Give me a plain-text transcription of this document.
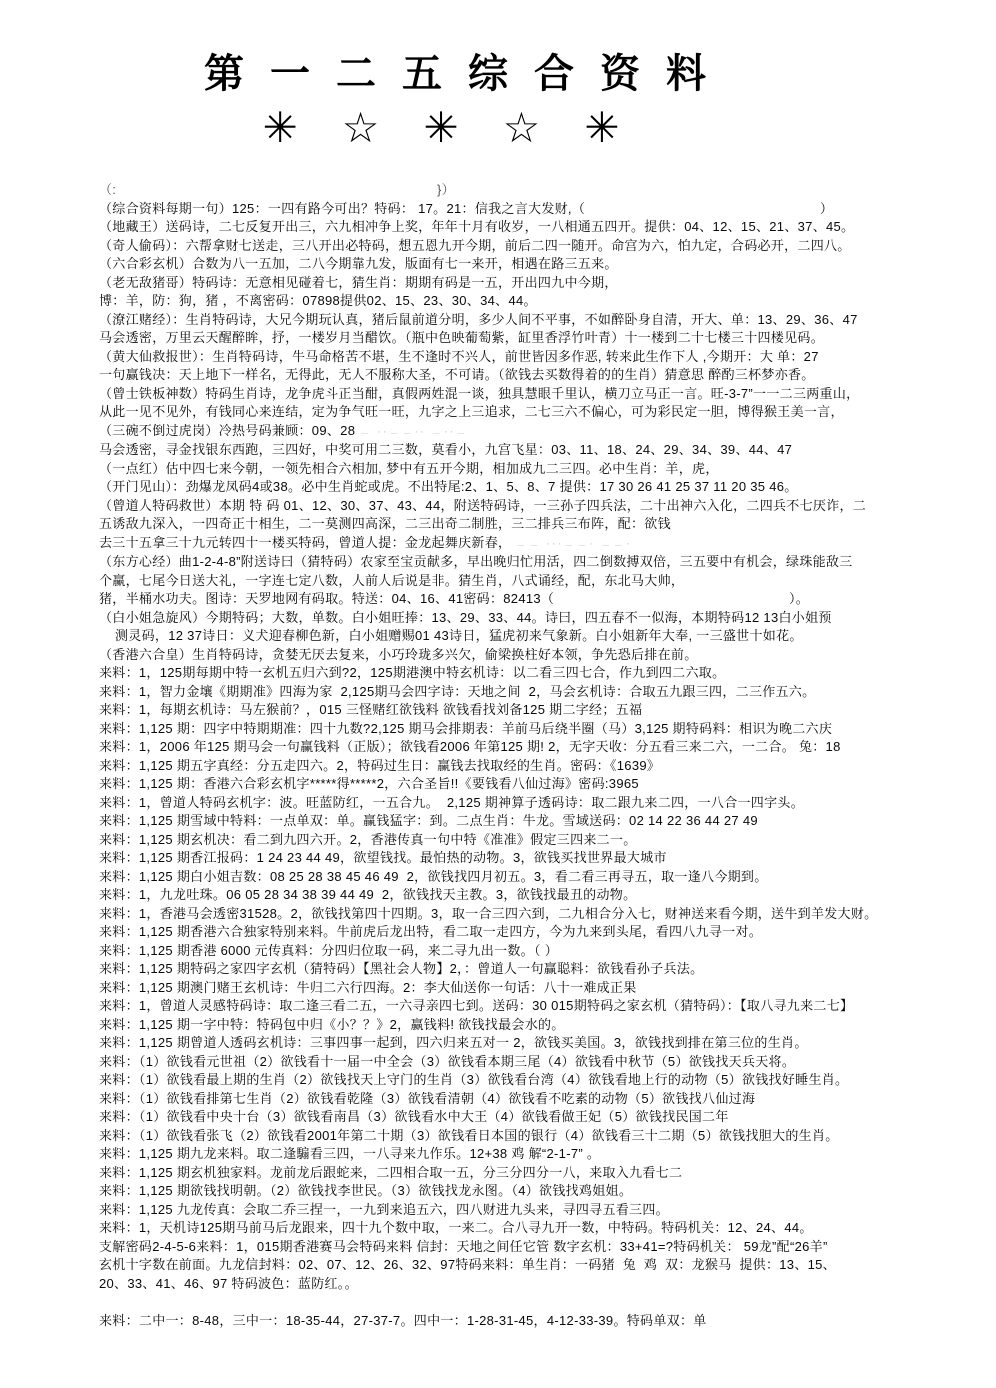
第一二五综合资料
✳☆✳☆✳
（:                                                                                  }）
（综合资料每期一句）125：一四有路今可出？特码： 17。21：信我之言大发财,（                                                            ）
（地藏王）送码诗，二七反复开出三，六九相冲争上奖，年年十月有收岁，一八相通五四开。提供：04、12、15、21、37、45。
（奇人偷码）：六帮拿财七送走，三八开出必特码，想五恩九开今期，前后二四一随开。命宫为六，怕九定，合码必开，二四八。
（六合彩玄机）合数为八一五加，二八今期靠九发，版面有七一来开，相遇在路三五来。
（老无敌猪哥）特码诗：无意相见碰着七，猜生肖：期期有码是一五，开出四九中今期，
博：羊，防：狗，猪 ，不离密码：07898提供02、15、23、30、34、44。
（潦江赌经）：生肖特码诗，大兄今期玩认真，猪后鼠前道分明，多少人间不平事，不如醉卧身自清，开大、单：13、29、36、47
马会透密，万里云天醒醉眸，抒，一楼岁月当醋饮。（瓶中色映葡萄紫，缸里香浮竹叶青）十一楼到二十七楼三十四楼见码。
（黄大仙救报世）：生肖特码诗，牛马命格苦不堪，生不逢时不兴人，前世皆因多作恶, 转来此生作下人 ,今期开：大 单：27
一句赢钱决：天上地下一样名，无得此，无人不服称大圣，不可请。（欲钱去买数得着的的生肖）猜意思 醉酌三杯梦亦香。
（曾士铁板神数）特码生肖诗，龙争虎斗正当酣，真假两姓混一谈，独具慧眼千里认，横刀立马正一言。旺-3-7”一一二三两重山，
从此一见不见外，有钱同心来连结，定为争气旺一旺，九字之上三追求，二七三六不偏心，可为彩民定一胆，博得猴王美一言，
（三碗不倒过虎岗）冷热号码兼顾：09、28 ﹘ ··﹘﹘·· ﹘··﹘
马会透密，寻金找银东西跑，三四好，中奖可用二三数，莫看小，九宫飞星：03、11、18、24、29、34、39、44、47
（一点红）估中四七来今朝，一领先相合六相加, 梦中有五开今期，相加成九二三四。必中生肖：羊，虎，
（开门见山）：劲爆龙凤码4或38。必中生肖蛇或虎。不出特尾:2、1、5、8、7 提供：17 30 26 41 25 37 11 20 35 46。
（曾道人特码救世）本期 特 码 01、12、30、37、43、44，附送特码诗，一三孙子四兵法，二十出神六入化，二四兵不七厌诈，二
五诱敌九深入，一四奇正十相生，二一莫测四高深，二三出奇二制胜，三二排兵三布阵，配：欲钱
去三十五拿三十九元转四十一楼买特码，曾道人提：金龙起舞庆新春， ﹘﹘ ···﹘﹘· ﹘﹘·
（东方心经）曲1-2-4-8”附送诗曰（猜特码）农家至宝贡献多，早出晚归忙用活，四二倒数搏双倍，三五要中有机会，绿珠能敌三
个赢，七尾今日送大礼，一字连七定八数，人前人后说是非。猜生肖，八式诵经，配，东北马大帅，
猪，半桶水功夫。图诗：天罗地网有码取。特送：04、16、41密码：82413（                                                            ）。
（白小姐急旋风）今期特码；大数，单数。白小姐旺捧：13、29、33、44。诗曰，四五春不一似海，本期特码12 13白小姐预
测灵码，12 37诗日：义犬迎春柳色新，白小姐赠赐01 43诗日，猛虎初来气象新。白小姐新年大奉, 一三盛世十如花。
（香港六合皇）生肖特码诗，贪婪无厌去复来，小巧玲珑多兴欠，偷梁换柱好本领，争先恐后排在前。
来料：1，125期每期中特一玄机五归六到?2，125期港澳中特玄机诗：以二看三四七合，作九到四二六取。
来料：1，智力金壤《期期准》四海为家  2,125期马会四字诗：天地之间  2，马会玄机诗：合取五九跟三四，二三作五六。
来料：1，每期玄机诗：马左猴前？，015 三怪赌红欲钱料 欲钱看找刘备125 期二字经；五福
来料：1,125 期：四字中特期期准：四十九数?2,125 期马会排期表：羊前马后绕半圈（马）3,125 期特码料：相识为晚二六庆
来料：1，2006 年125 期马会一句赢钱料（正版）；欲钱看2006 年第125 期! 2，无字天收：分五看三来二六，一二合。 兔：18
来料：1,125 期五字真经：分五走四六。2，特码过生日：赢钱去找取经的生肖。密码：《1639》
来料：1,125 期：香港六合彩玄机字*****得*****2，六合圣旨!!《要钱看八仙过海》密码:3965
来料：1，曾道人特码玄机字：波。旺蓝防红，一五合九。  2,125 期神算子透码诗：取二跟九来二四，一八合一四字头。
来料：1,125 期雪域中特料：一点单双：单。赢钱猛字：到。二点生肖：牛龙。雪域送码：02 14 22 36 44 27 49
来料：1,125 期玄机决：看二到九四六开。2，香港传真一句中特《准准》假定三四来二一。
来料：1,125 期香江报码：1 24 23 44 49，欲望钱找。最怕热的动物。3，欲钱买找世界最大城市
来料：1,125 期白小姐吉数：08 25 28 38 45 46 49  2，欲钱找四月初五。3，看二看三再寻五，取一逢八今期到。
来料：1，九龙吐珠。06 05 28 34 38 39 44 49  2，欲钱找天主教。3，欲钱找最丑的动物。
来料：1，香港马会透密31528。2，欲钱找第四十四期。3，取一合三四六到，二九相合分入七，财神送来看今期，送牛到羊发大财。
来料：1,125 期香港六合独家特别来料。牛前虎后龙出特，看二取一走四方，今为九来到头尾，看四八九寻一对。
来料：1,125 期香港 6000 元传真料：分四归位取一码，来二寻九出一数。（ ）
来料：1,125 期特码之家四字玄机（猜特码）【黑社会人物】2，：曾道人一句赢聪料：欲钱看孙子兵法。
来料：1,125 期澳门赌王玄机诗：牛归二六行四海。2：李大仙送你一句话：八十一难成正果
来料：1，曾道人灵感特码诗：取二逢三看二五，一六寻亲四七到。送码：30 015期特码之家玄机（猜特码）：【取八寻九来二七】
来料：1,125 期一字中特：特码包中归《小？？》2，赢钱料! 欲钱找最会水的。
来料：1,125 期曾道人透码玄机诗：三事四事一起到，四六归来五对一 2，欲钱买美国。3，欲钱找到排在第三位的生肖。
来料：（1）欲钱看元世祖（2）欲钱看十一届一中全会（3）欲钱看本期三尾（4）欲钱看中秋节（5）欲钱找天兵天将。
来料：（1）欲钱看最上期的生肖（2）欲钱找天上守门的生肖（3）欲钱看台湾（4）欲钱看地上行的动物（5）欲钱找好睡生肖。
来料：（1）欲钱看排第七生肖（2）欲钱看乾隆（3）欲钱看清朝（4）欲钱看不吃素的动物（5）欲钱找八仙过海
来料：（1）欲钱看中央十台（3）欲钱看南昌（3）欲钱看水中大王（4）欲钱看做王妃（5）欲钱找民国二年
来料：（1）欲钱看张飞（2）欲钱看2001年第二十期（3）欲钱看日本国的银行（4）欲钱看三十二期（5）欲钱找胆大的生肖。
来料：1,125 期九龙来料。取二逢騸看三四，一八寻来九作乐。12+38 鸡 解“2-1-7” 。
来料：1,125 期玄机独家料。龙前龙后跟蛇来，二四相合取一五，分三分四分一八，来取入九看七二
来料：1,125 期欲钱找明朝。（2）欲钱找李世民。（3）欲钱找龙永图。（4）欲钱找鸡姐姐。
来料：1,125 九龙传真：会取二乔三捏一，一九到来追五六，四八财进九头来，寻四寻五看三四。
来料：1，天机诗125期马前马后龙跟来，四十九个数中取，一来二。合八寻九开一数，中特码。特码机关：12、24、44。
支解密码2-4-5-6来料：1，015期香港赛马会特码来料 信封：天地之间任它管 数字玄机：33+41=?特码机关： 59龙”配“26羊”
玄机十字数在前面。九龙信封料：02、07、12、26、32、97特码来料：单生肖：一码猪  兔  鸡  双：龙猴马  提供：13、15、
20、33、41、46、97 特码波色：蓝防红。。
来料：二中一：8-48，三中一：18-35-44，27-37-7。四中一：1-28-31-45，4-12-33-39。特码单双：单
